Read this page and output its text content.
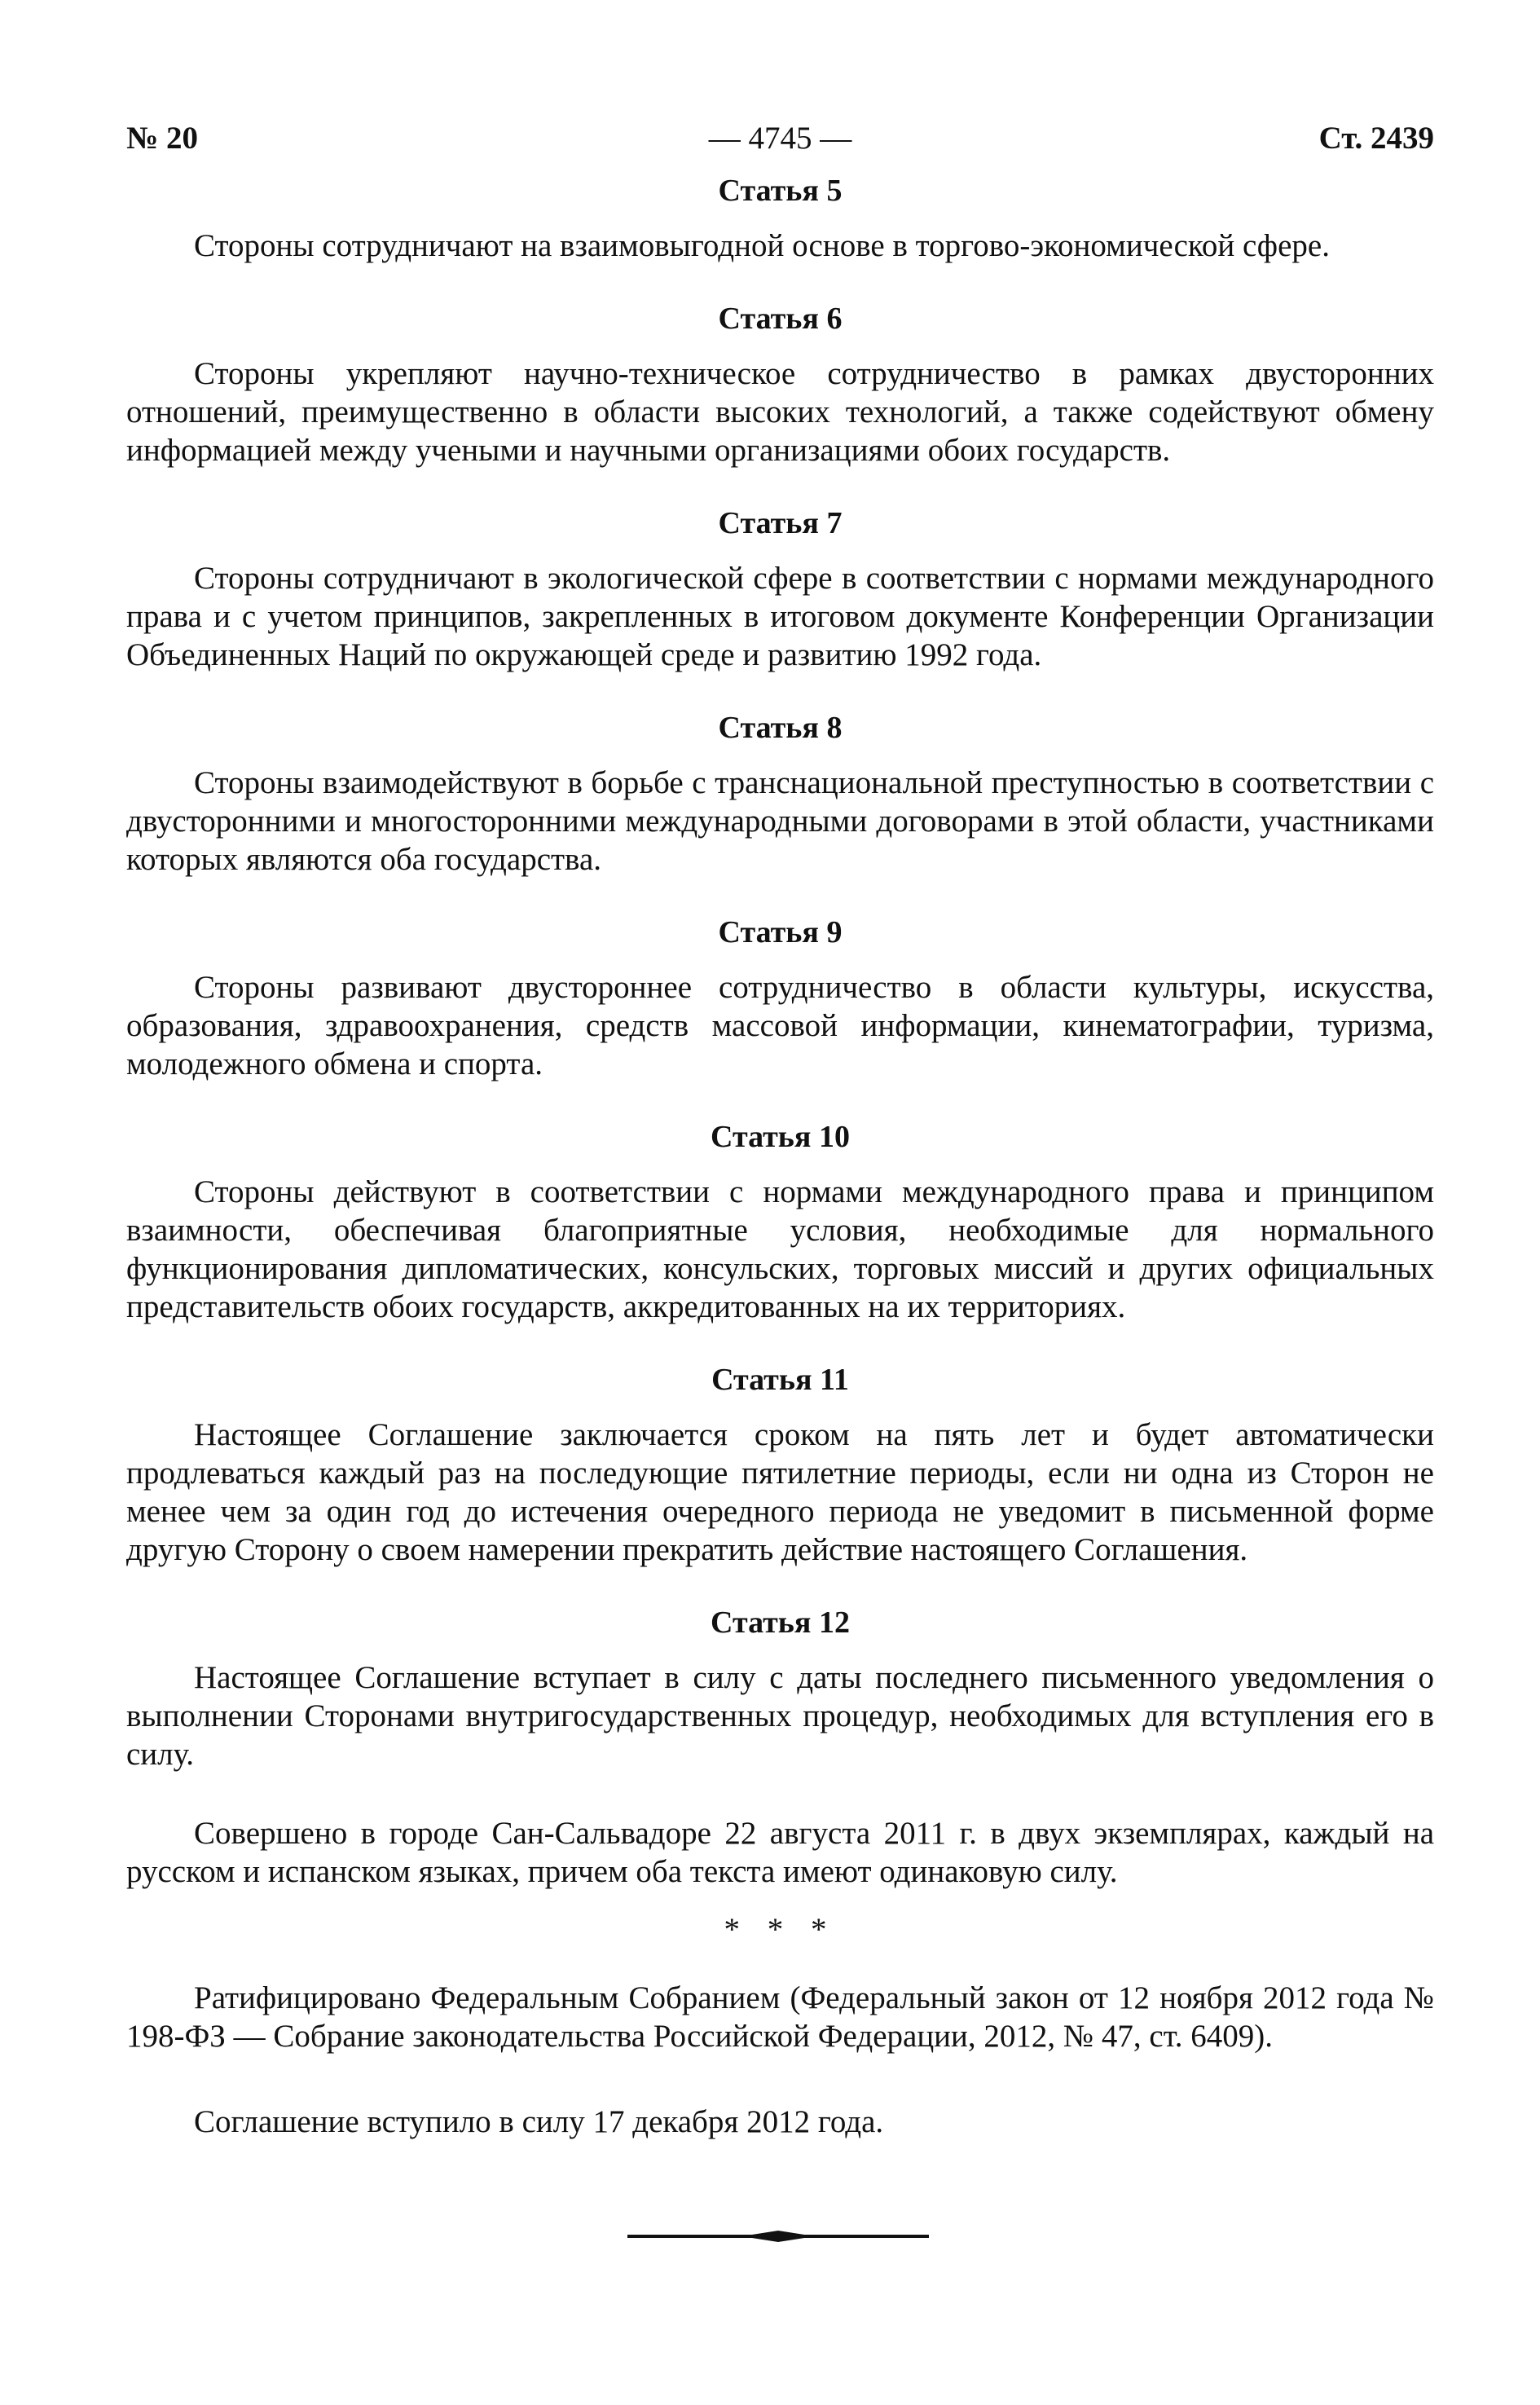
№ 20	— 4745 —	Ст. 2439
Статья 5

Стороны сотрудничают на взаимовыгодной основе в торгово-экономической сфере.

Статья 6

Стороны укрепляют научно-техническое сотрудничество в рамках двусторонних отношений, преимущественно в области высоких технологий, а также содействуют обмену информацией между учеными и научными организациями обоих государств.

Статья 7

Стороны сотрудничают в экологической сфере в соответствии с нормами международного права и с учетом принципов, закрепленных в итоговом документе Конференции Организации Объединенных Наций по окружающей среде и развитию 1992 года.

Статья 8

Стороны взаимодействуют в борьбе с транснациональной преступностью в соответствии с двусторонними и многосторонними международными договорами в этой области, участниками которых являются оба государства.

Статья 9

Стороны развивают двустороннее сотрудничество в области культуры, искусства, образования, здравоохранения, средств массовой информации, кинематографии, туризма, молодежного обмена и спорта.

Статья 10

Стороны действуют в соответствии с нормами международного права и принципом взаимности, обеспечивая благоприятные условия, необходимые для нормального функционирования дипломатических, консульских, торговых миссий и других официальных представительств обоих государств, аккредитованных на их территориях.

Статья 11

Настоящее Соглашение заключается сроком на пять лет и будет автоматически продлеваться каждый раз на последующие пятилетние периоды, если ни одна из Сторон не менее чем за один год до истечения очередного периода не уведомит в письменной форме другую Сторону о своем намерении прекратить действие настоящего Соглашения.

Статья 12

Настоящее Соглашение вступает в силу с даты последнего письменного уведомления о выполнении Сторонами внутригосударственных процедур, необходимых для вступления его в силу.

Совершено в городе Сан-Сальвадоре 22 августа 2011 г. в двух экземплярах, каждый на русском и испанском языках, причем оба текста имеют одинаковую силу.

* * *

Ратифицировано Федеральным Собранием (Федеральный закон от 12 ноября 2012 года № 198-ФЗ — Собрание законодательства Российской Федерации, 2012, № 47, ст. 6409).

Соглашение вступило в силу 17 декабря 2012 года.
